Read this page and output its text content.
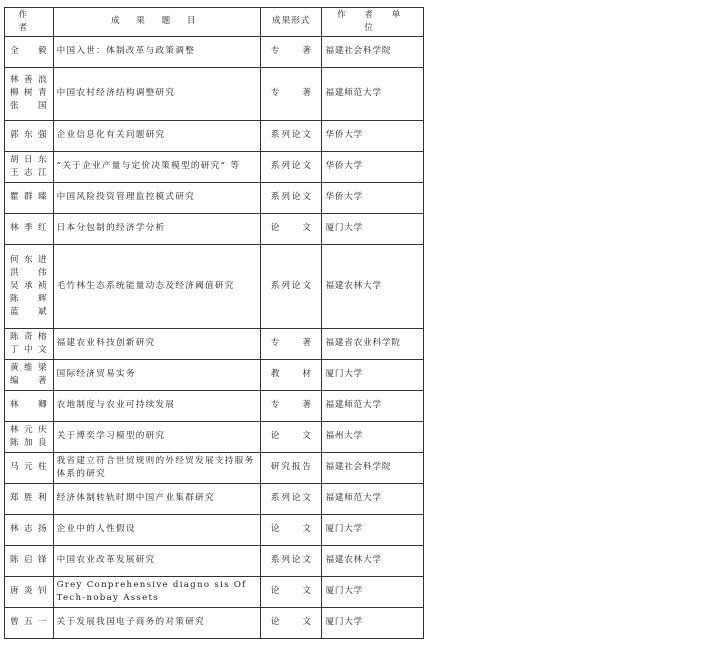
作 者	成 果 题 目	成果形式	作 者 单 位

全 毅	中国入世：体制改革与政策调整	专 著	福建社会科学院

林善浪
柳树青
张 国	中国农村经济结构调整研究	专 著	福建师范大学

郭东强	企业信息化有关问题研究	系列论文	华侨大学

胡日东
王志江	“关于企业产量与定价决策模型的研究” 等	系列论文	华侨大学

瞿群臻	中国风险投资管理监控模式研究	系列论文	华侨大学

林季红	日本分包制的经济学分析	论 文	厦门大学

何东进
洪 伟
吴承祯
陈 辉
蓝 斌	毛竹林生态系统能量动态及经济阈值研究	系列论文	福建农林大学

陈奇榕
丁中文	福建农业科技创新研究	专 著	福建省农业科学院

黄维梁
编 著	国际经济贸易实务	教 材	厦门大学

林 卿	农地制度与农业可持续发展	专 著	福建师范大学

林元庆
陈加良	关于博奕学习模型的研究	论 文	福州大学

马元柱	我省建立符合世贸规则的外经贸发展支持服务体系的研究	研究报告	福建社会科学院

郑胜利	经济体制转轨时期中国产业集群研究	系列论文	福建师范大学

林志扬	企业中的人性假设	论 文	厦门大学

陈启锋	中国农业改革发展研究	系列论文	福建农林大学

唐炎钊	Grey Conprehensive diagno sis Of Tech-nobay Assets	论 文	厦门大学

曾五一	关于发展我国电子商务的对策研究	论 文	厦门大学
